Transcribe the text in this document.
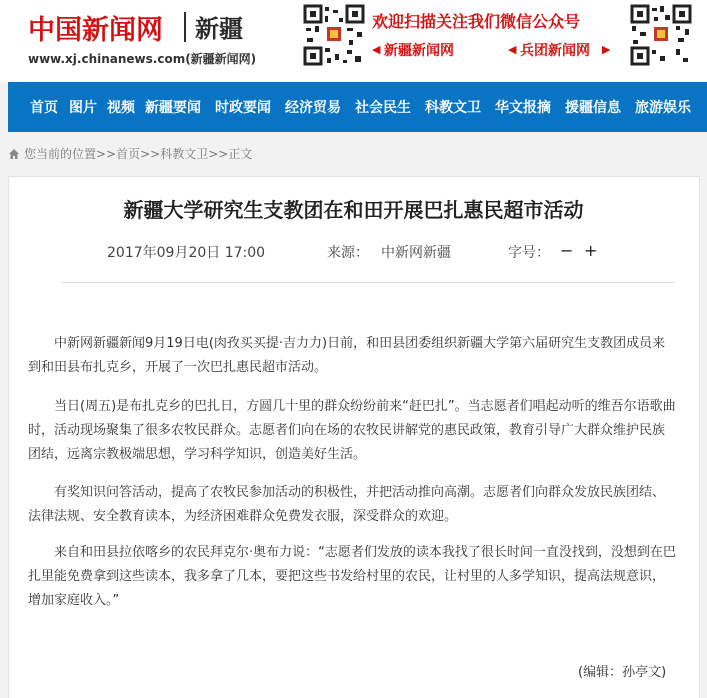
中国新闻网 新疆
www.xj.chinanews.com(新疆新闻网)
欢迎扫描关注我们微信公众号
◀ 新疆新闻网	◀ 兵团新闻网 ▶
首页 图片 视频 新疆要闻 时政要闻 经济贸易 社会民生 科教文卫 华文报摘 援疆信息 旅游娱乐
您当前的位置>>首页>>科教文卫>>正文
新疆大学研究生支教团在和田开展巴扎惠民超市活动
2017年09月20日 17:00	来源： 中新网新疆	字号： − +

中新网新疆新闻9月19日电(肉孜买买提·吉力力)日前，和田县团委组织新疆大学第六届研究生支教团成员来到和田县布扎克乡，开展了一次巴扎惠民超市活动。

当日(周五)是布扎克乡的巴扎日，方圆几十里的群众纷纷前来“赶巴扎”。当志愿者们唱起动听的维吾尔语歌曲时，活动现场聚集了很多农牧民群众。志愿者们向在场的农牧民讲解党的惠民政策，教育引导广大群众维护民族团结，远离宗教极端思想，学习科学知识，创造美好生活。

有奖知识问答活动，提高了农牧民参加活动的积极性，并把活动推向高潮。志愿者们向群众发放民族团结、法律法规、安全教育读本，为经济困难群众免费发衣服，深受群众的欢迎。

来自和田县拉依喀乡的农民拜克尔·奥布力说：“志愿者们发放的读本我找了很长时间一直没找到，没想到在巴扎里能免费拿到这些读本，我多拿了几本，要把这些书发给村里的农民，让村里的人多学知识，提高法规意识，增加家庭收入。”

(编辑：孙亭文)
